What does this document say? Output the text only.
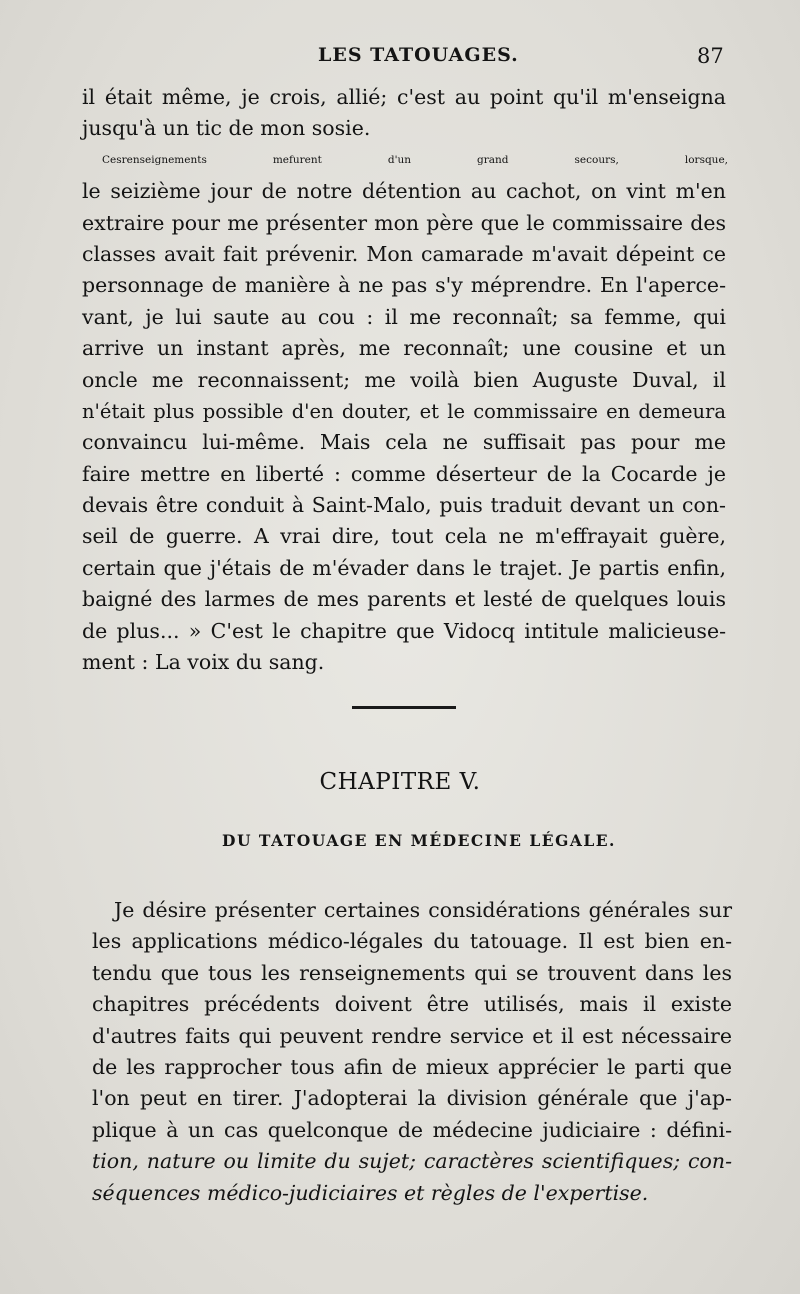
LES TATOUAGES.	87
il était même, je crois, allié; c'est au point qu'il m'enseigna
jusqu'à un tic de mon sosie.
Cesrenseignements mefurent d'un grand secours, lorsque,
le seizième jour de notre détention au cachot, on vint m'en
extraire pour me présenter mon père que le commissaire des
classes avait fait prévenir. Mon camarade m'avait dépeint ce
personnage de manière à ne pas s'y méprendre. En l'aperce-
vant, je lui saute au cou : il me reconnaît; sa femme, qui
arrive un instant après, me reconnaît; une cousine et un
oncle me reconnaissent; me voilà bien Auguste Duval, il
n'était plus possible d'en douter, et le commissaire en demeura
convaincu lui-même. Mais cela ne suffisait pas pour me
faire mettre en liberté : comme déserteur de la Cocarde je
devais être conduit à Saint-Malo, puis traduit devant un con-
seil de guerre. A vrai dire, tout cela ne m'effrayait guère,
certain que j'étais de m'évader dans le trajet. Je partis enfin,
baigné des larmes de mes parents et lesté de quelques louis
de plus... » C'est le chapitre que Vidocq intitule malicieuse-
ment : La voix du sang.
CHAPITRE V.
DU TATOUAGE EN MÉDECINE LÉGALE.
Je désire présenter certaines considérations générales sur
les applications médico-légales du tatouage. Il est bien en-
tendu que tous les renseignements qui se trouvent dans les
chapitres précédents doivent être utilisés, mais il existe
d'autres faits qui peuvent rendre service et il est nécessaire
de les rapprocher tous afin de mieux apprécier le parti que
l'on peut en tirer. J'adopterai la division générale que j'ap-
plique à un cas quelconque de médecine judiciaire : défini-
tion, nature ou limite du sujet; caractères scientifiques; con-
séquences médico-judiciaires et règles de l'expertise.
